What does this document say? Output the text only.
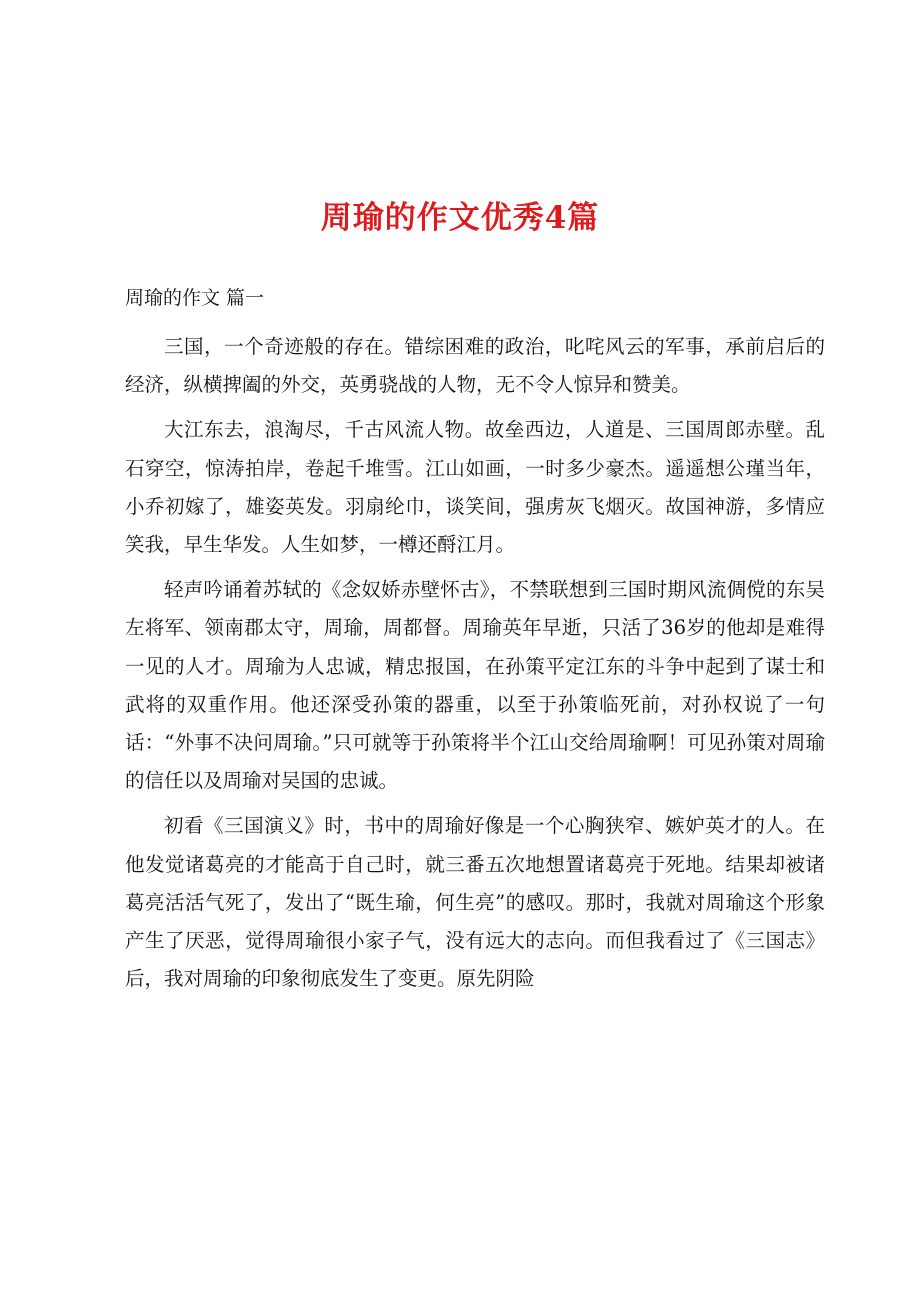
周瑜的作文优秀4篇
周瑜的作文 篇一

三国，一个奇迹般的存在。错综困难的政治，叱咤风云的军事，承前启后的经济，纵横捭阖的外交，英勇骁战的人物，无不令人惊异和赞美。

大江东去，浪淘尽，千古风流人物。故垒西边，人道是、三国周郎赤壁。乱石穿空，惊涛拍岸，卷起千堆雪。江山如画，一时多少豪杰。遥遥想公瑾当年，小乔初嫁了，雄姿英发。羽扇纶巾，谈笑间，强虏灰飞烟灭。故国神游，多情应笑我，早生华发。人生如梦，一樽还酹江月。

轻声吟诵着苏轼的《念奴娇赤壁怀古》，不禁联想到三国时期风流倜傥的东吴左将军、领南郡太守，周瑜，周都督。周瑜英年早逝，只活了36岁的他却是难得一见的人才。周瑜为人忠诚，精忠报国，在孙策平定江东的斗争中起到了谋士和武将的双重作用。他还深受孙策的器重，以至于孙策临死前，对孙权说了一句话：“外事不决问周瑜。”只可就等于孙策将半个江山交给周瑜啊！可见孙策对周瑜的信任以及周瑜对吴国的忠诚。

初看《三国演义》时，书中的周瑜好像是一个心胸狭窄、嫉妒英才的人。在他发觉诸葛亮的才能高于自己时，就三番五次地想置诸葛亮于死地。结果却被诸葛亮活活气死了，发出了“既生瑜，何生亮”的感叹。那时，我就对周瑜这个形象产生了厌恶，觉得周瑜很小家子气，没有远大的志向。而但我看过了《三国志》后，我对周瑜的印象彻底发生了变更。原先阴险
